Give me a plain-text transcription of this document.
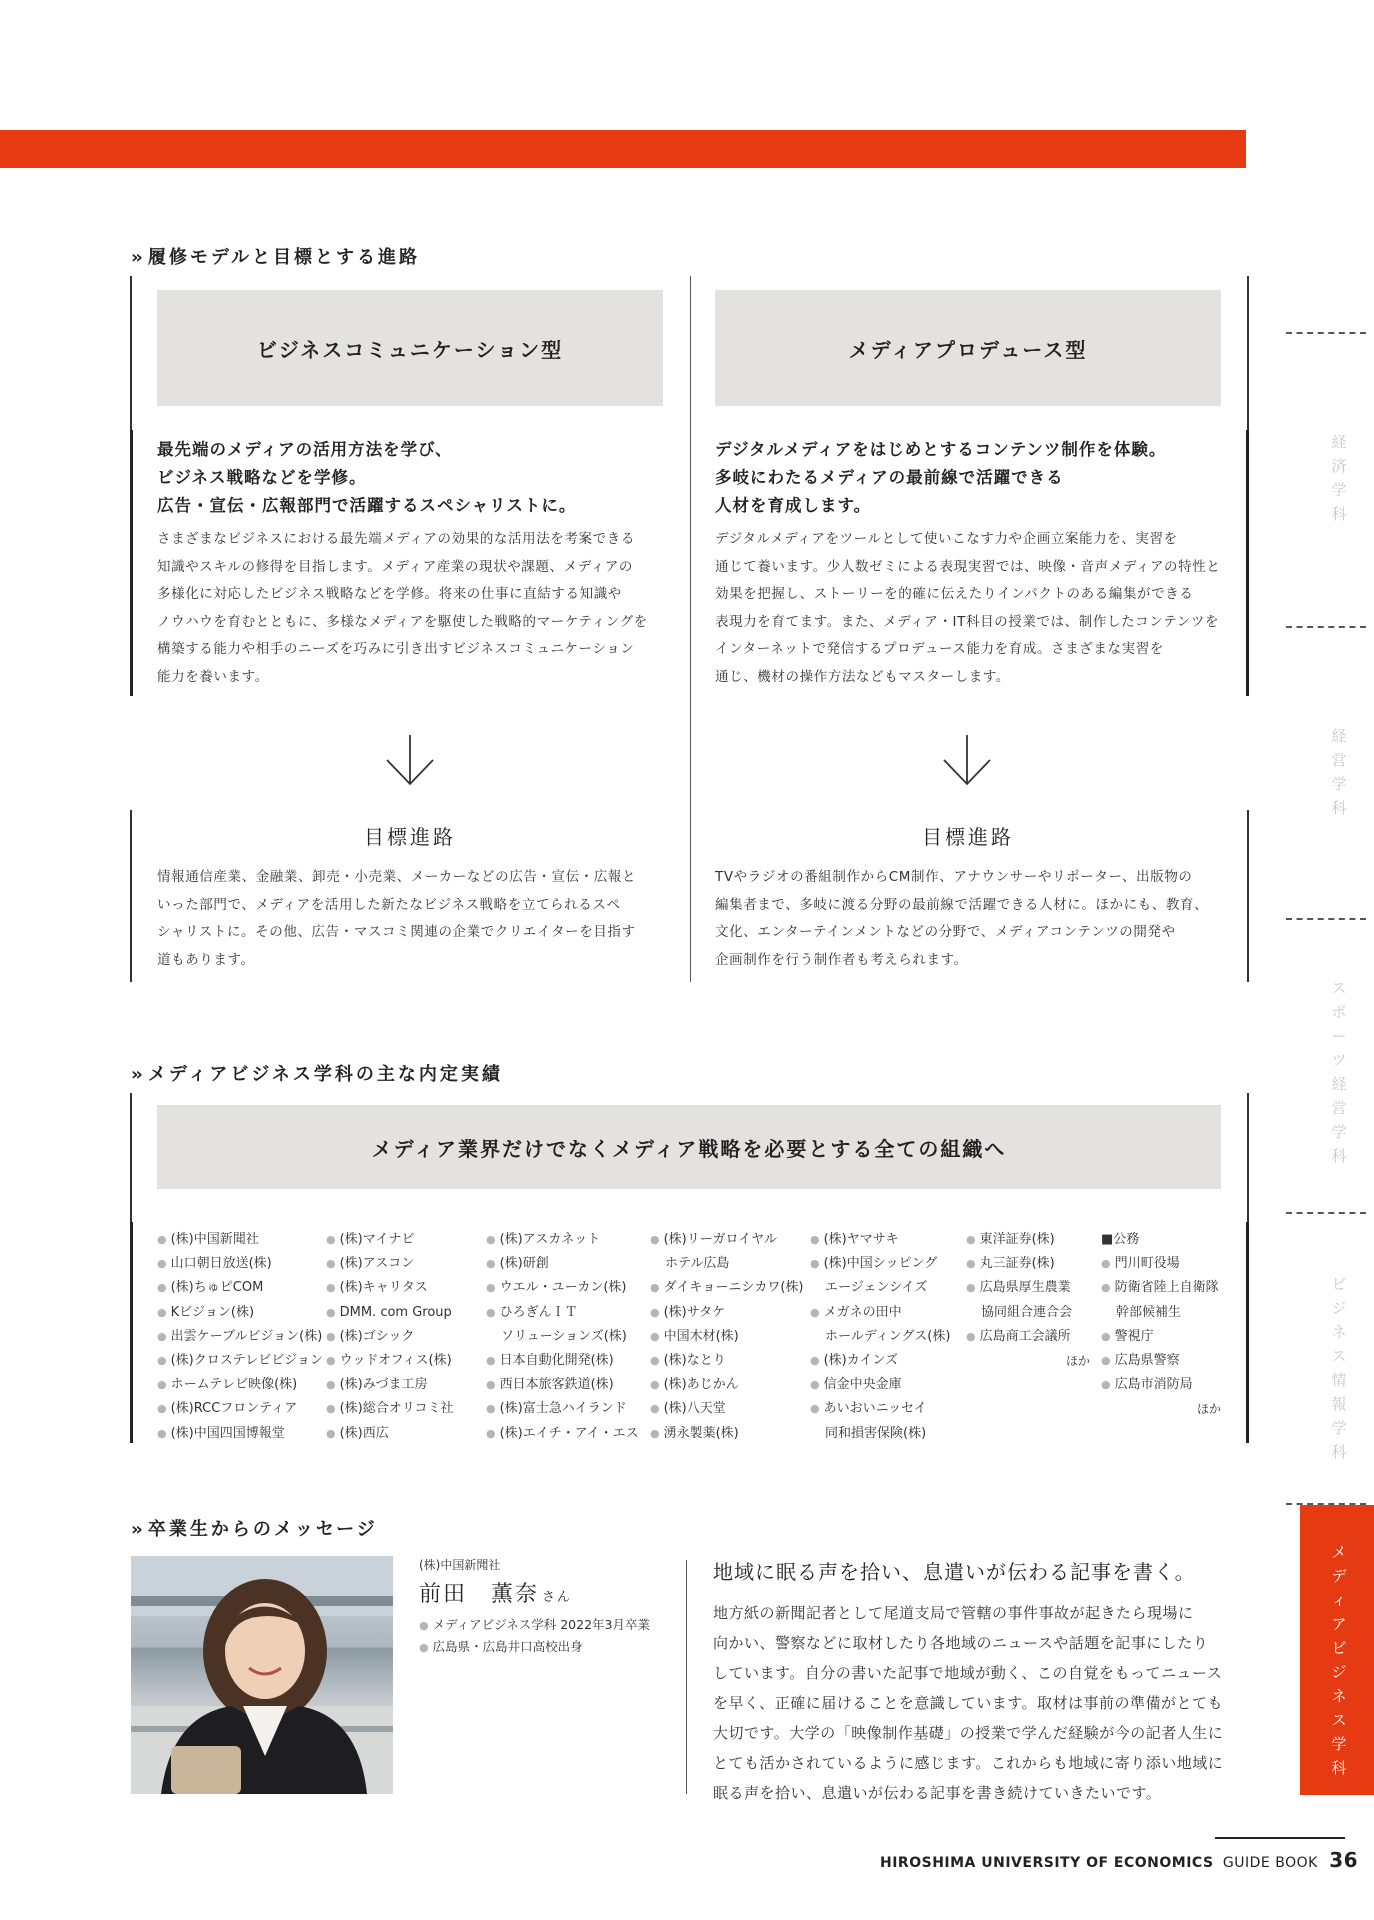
›› 履修モデルと目標とする進路
ビジネスコミュニケーション型
最先端のメディアの活用方法を学び、
ビジネス戦略などを学修。
広告・宣伝・広報部門で活躍するスペシャリストに。
さまざまなビジネスにおける最先端メディアの効果的な活用法を考案できる
知識やスキルの修得を目指します。メディア産業の現状や課題、メディアの
多様化に対応したビジネス戦略などを学修。将来の仕事に直結する知識や
ノウハウを育むとともに、多様なメディアを駆使した戦略的マーケティングを
構築する能力や相手のニーズを巧みに引き出すビジネスコミュニケーション
能力を養います。
目標進路
情報通信産業、金融業、卸売・小売業、メーカーなどの広告・宣伝・広報と
いった部門で、メディアを活用した新たなビジネス戦略を立てられるスペ
シャリストに。その他、広告・マスコミ関連の企業でクリエイターを目指す
道もあります。
メディアプロデュース型
デジタルメディアをはじめとするコンテンツ制作を体験。
多岐にわたるメディアの最前線で活躍できる
人材を育成します。
デジタルメディアをツールとして使いこなす力や企画立案能力を、実習を
通じて養います。少人数ゼミによる表現実習では、映像・音声メディアの特性と
効果を把握し、ストーリーを的確に伝えたりインパクトのある編集ができる
表現力を育てます。また、メディア・IT科目の授業では、制作したコンテンツを
インターネットで発信するプロデュース能力を育成。さまざまな実習を
通じ、機材の操作方法などもマスターします。
目標進路
TVやラジオの番組制作からCM制作、アナウンサーやリポーター、出版物の
編集者まで、多岐に渡る分野の最前線で活躍できる人材に。ほかにも、教育、
文化、エンターテインメントなどの分野で、メディアコンテンツの開発や
企画制作を行う制作者も考えられます。
›› メディアビジネス学科の主な内定実績
メディア業界だけでなくメディア戦略を必要とする全ての組織へ
● (株)中国新聞社
● 山口朝日放送(株)
● (株)ちゅピCOM
● Kビジョン(株)
● 出雲ケーブルビジョン(株)
● (株)クロステレビビジョン
● ホームテレビ映像(株)
● (株)RCCフロンティア
● (株)中国四国博報堂
● (株)マイナビ
● (株)アスコン
● (株)キャリタス
● DMM. com Group
● (株)ゴシック
● ウッドオフィス(株)
● (株)みづま工房
● (株)総合オリコミ社
● (株)西広
● (株)アスカネット
● (株)研創
● ウエル・ユーカン(株)
● ひろぎんＩＴ
ソリューションズ(株)
● 日本自動化開発(株)
● 西日本旅客鉄道(株)
● (株)富士急ハイランド
● (株)エイチ・アイ・エス
● (株)リーガロイヤル
ホテル広島
● ダイキョーニシカワ(株)
● (株)サタケ
● 中国木材(株)
● (株)なとり
● (株)あじかん
● (株)八天堂
● 湧永製薬(株)
● (株)ヤマサキ
● (株)中国シッピング
エージェンシイズ
● メガネの田中
ホールディングス(株)
● (株)カインズ
● 信金中央金庫
● あいおいニッセイ
同和損害保険(株)
● 東洋証券(株)
● 丸三証券(株)
● 広島県厚生農業
協同組合連合会
● 広島商工会議所
ほか
■公務
● 門川町役場
● 防衛省陸上自衛隊
幹部候補生
● 警視庁
● 広島県警察
● 広島市消防局
ほか
›› 卒業生からのメッセージ
(株)中国新聞社
前田　薫奈 さん
● メディアビジネス学科 2022年3月卒業
● 広島県・広島井口高校出身
地域に眠る声を拾い、息遣いが伝わる記事を書く。
地方紙の新聞記者として尾道支局で管轄の事件事故が起きたら現場に
向かい、警察などに取材したり各地域のニュースや話題を記事にしたり
しています。自分の書いた記事で地域が動く、この自覚をもってニュース
を早く、正確に届けることを意識しています。取材は事前の準備がとても
大切です。大学の「映像制作基礎」の授業で学んだ経験が今の記者人生に
とても活かされているように感じます。これからも地域に寄り添い地域に
眠る声を拾い、息遣いが伝わる記事を書き続けていきたいです。
経済学科
経営学科
スポーツ経営学科
ビジネス情報学科
メディアビジネス学科
HIROSHIMA UNIVERSITY OF ECONOMICS GUIDE BOOK 36
